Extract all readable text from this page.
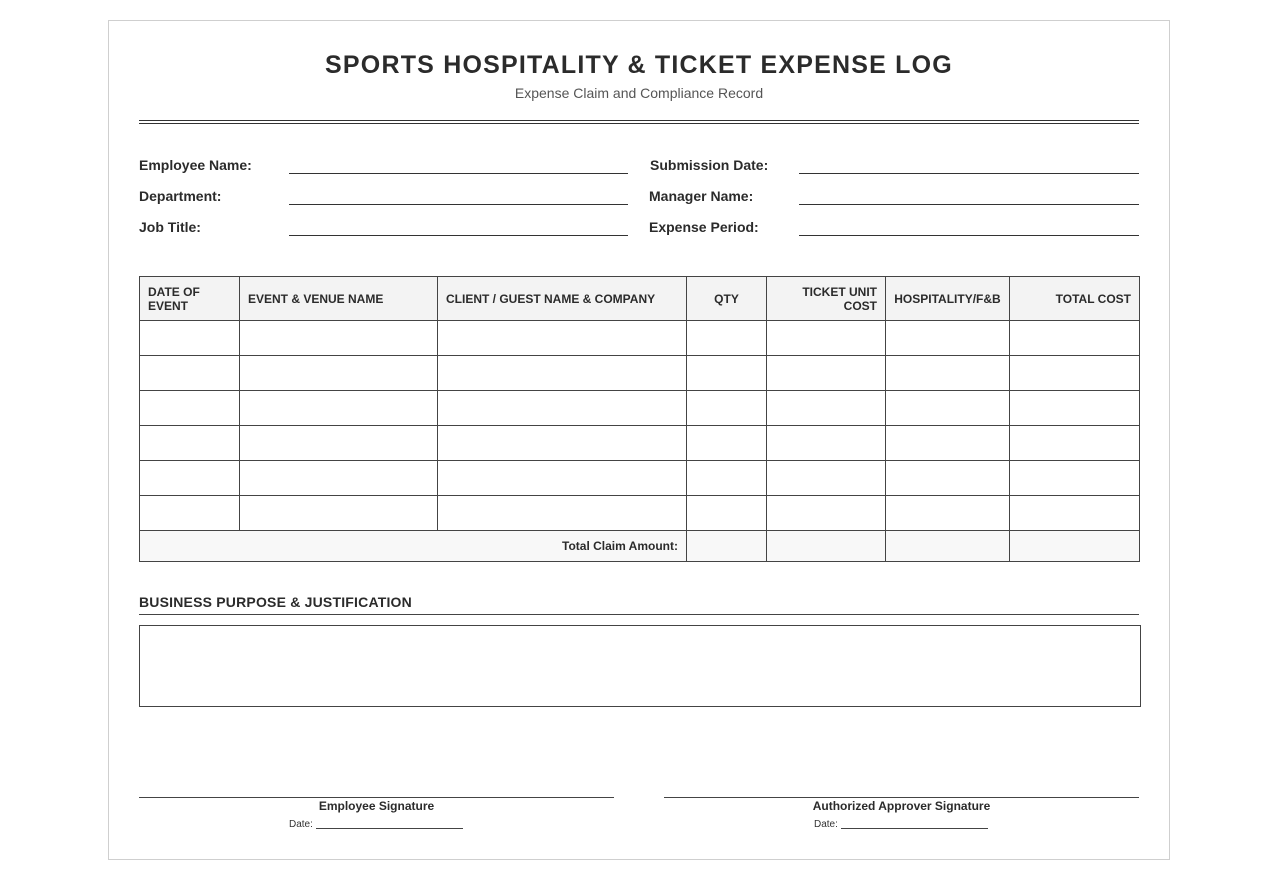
SPORTS HOSPITALITY & TICKET EXPENSE LOG
Expense Claim and Compliance Record
Employee Name:
Department:
Job Title:
Submission Date:
Manager Name:
Expense Period:
DATE OF EVENT	EVENT & VENUE NAME	CLIENT / GUEST NAME & COMPANY	QTY	TICKET UNIT COST	HOSPITALITY/F&B	TOTAL COST

Total Claim Amount:						
BUSINESS PURPOSE & JUSTIFICATION
Employee Signature
Date:
Authorized Approver Signature
Date:
